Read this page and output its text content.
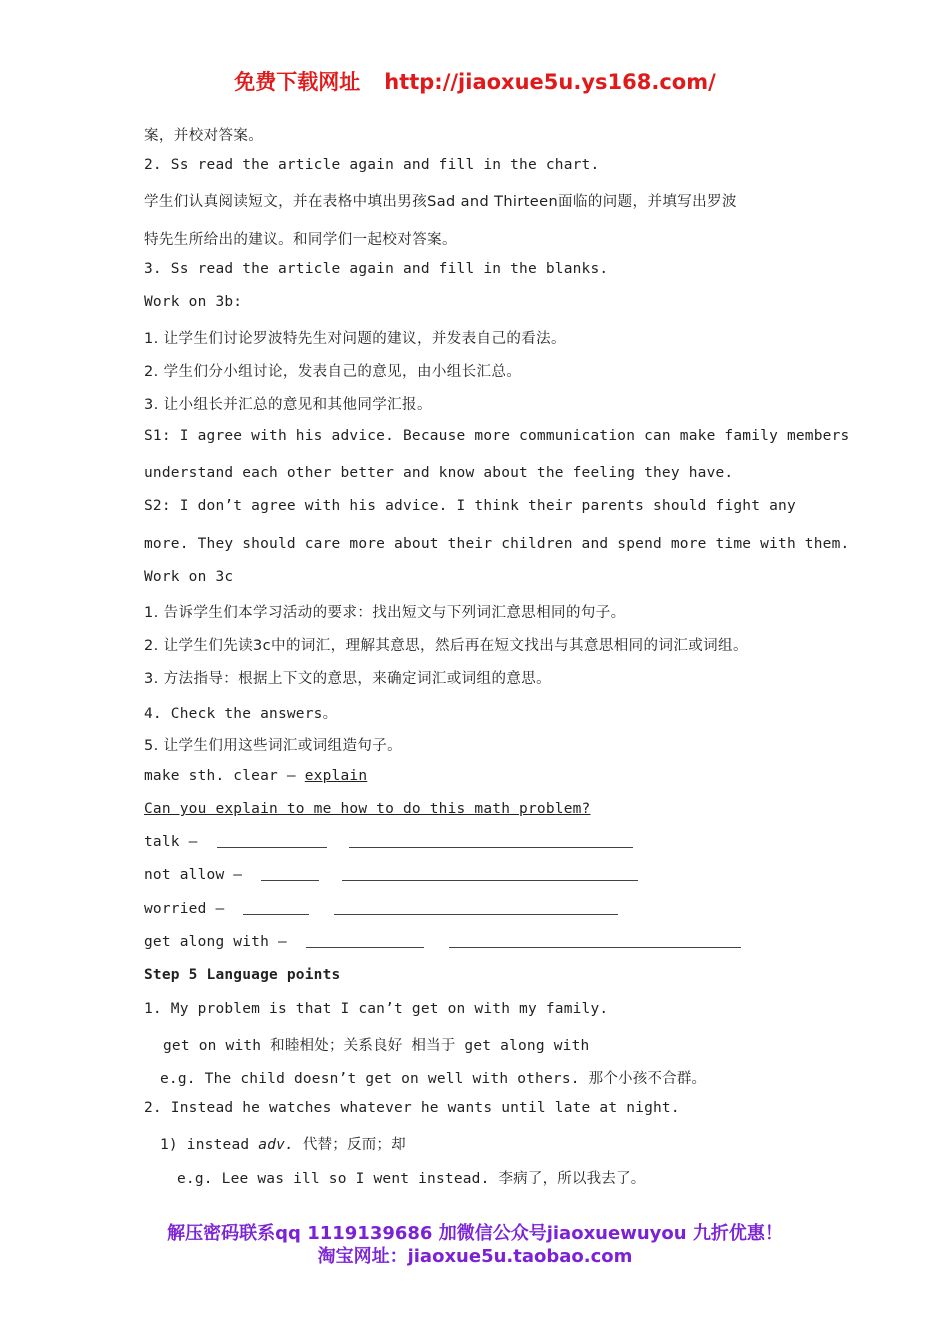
免费下载网址 http://jiaoxue5u.ys168.com/
案，并校对答案。
2. Ss read the article again and fill in the chart.
学生们认真阅读短文，并在表格中填出男孩Sad and Thirteen面临的问题，并填写出罗波
特先生所给出的建议。和同学们一起校对答案。
3. Ss read the article again and fill in the blanks.
Work on 3b:
1. 让学生们讨论罗波特先生对问题的建议，并发表自己的看法。
2. 学生们分小组讨论，发表自己的意见，由小组长汇总。
3. 让小组长并汇总的意见和其他同学汇报。
S1: I agree with his advice. Because more communication can make family members
understand each other better and know about the feeling they have.
S2: I don’t agree with his advice. I think their parents should fight any
more. They should care more about their children and spend more time with them.
Work on 3c
1. 告诉学生们本学习活动的要求：找出短文与下列词汇意思相同的句子。
2. 让学生们先读3c中的词汇，理解其意思，然后再在短文找出与其意思相同的词汇或词组。
3. 方法指导：根据上下文的意思，来确定词汇或词组的意思。
4. Check the answers。
5. 让学生们用这些词汇或词组造句子。
make sth. clear — explain
Can you explain to me how to do this math problem?
talk —
not allow —
worried —
get along with —
Step 5 Language points
1. My problem is that I can’t get on with my family.
get on with 和睦相处；关系良好 相当于 get along with
e.g. The child doesn’t get on well with others. 那个小孩不合群。
2. Instead he watches whatever he wants until late at night.
1) instead adv. 代替；反而；却
e.g. Lee was ill so I went instead. 李病了，所以我去了。
解压密码联系qq 1119139686 加微信公众号jiaoxuewuyou 九折优惠！
淘宝网址：jiaoxue5u.taobao.com
